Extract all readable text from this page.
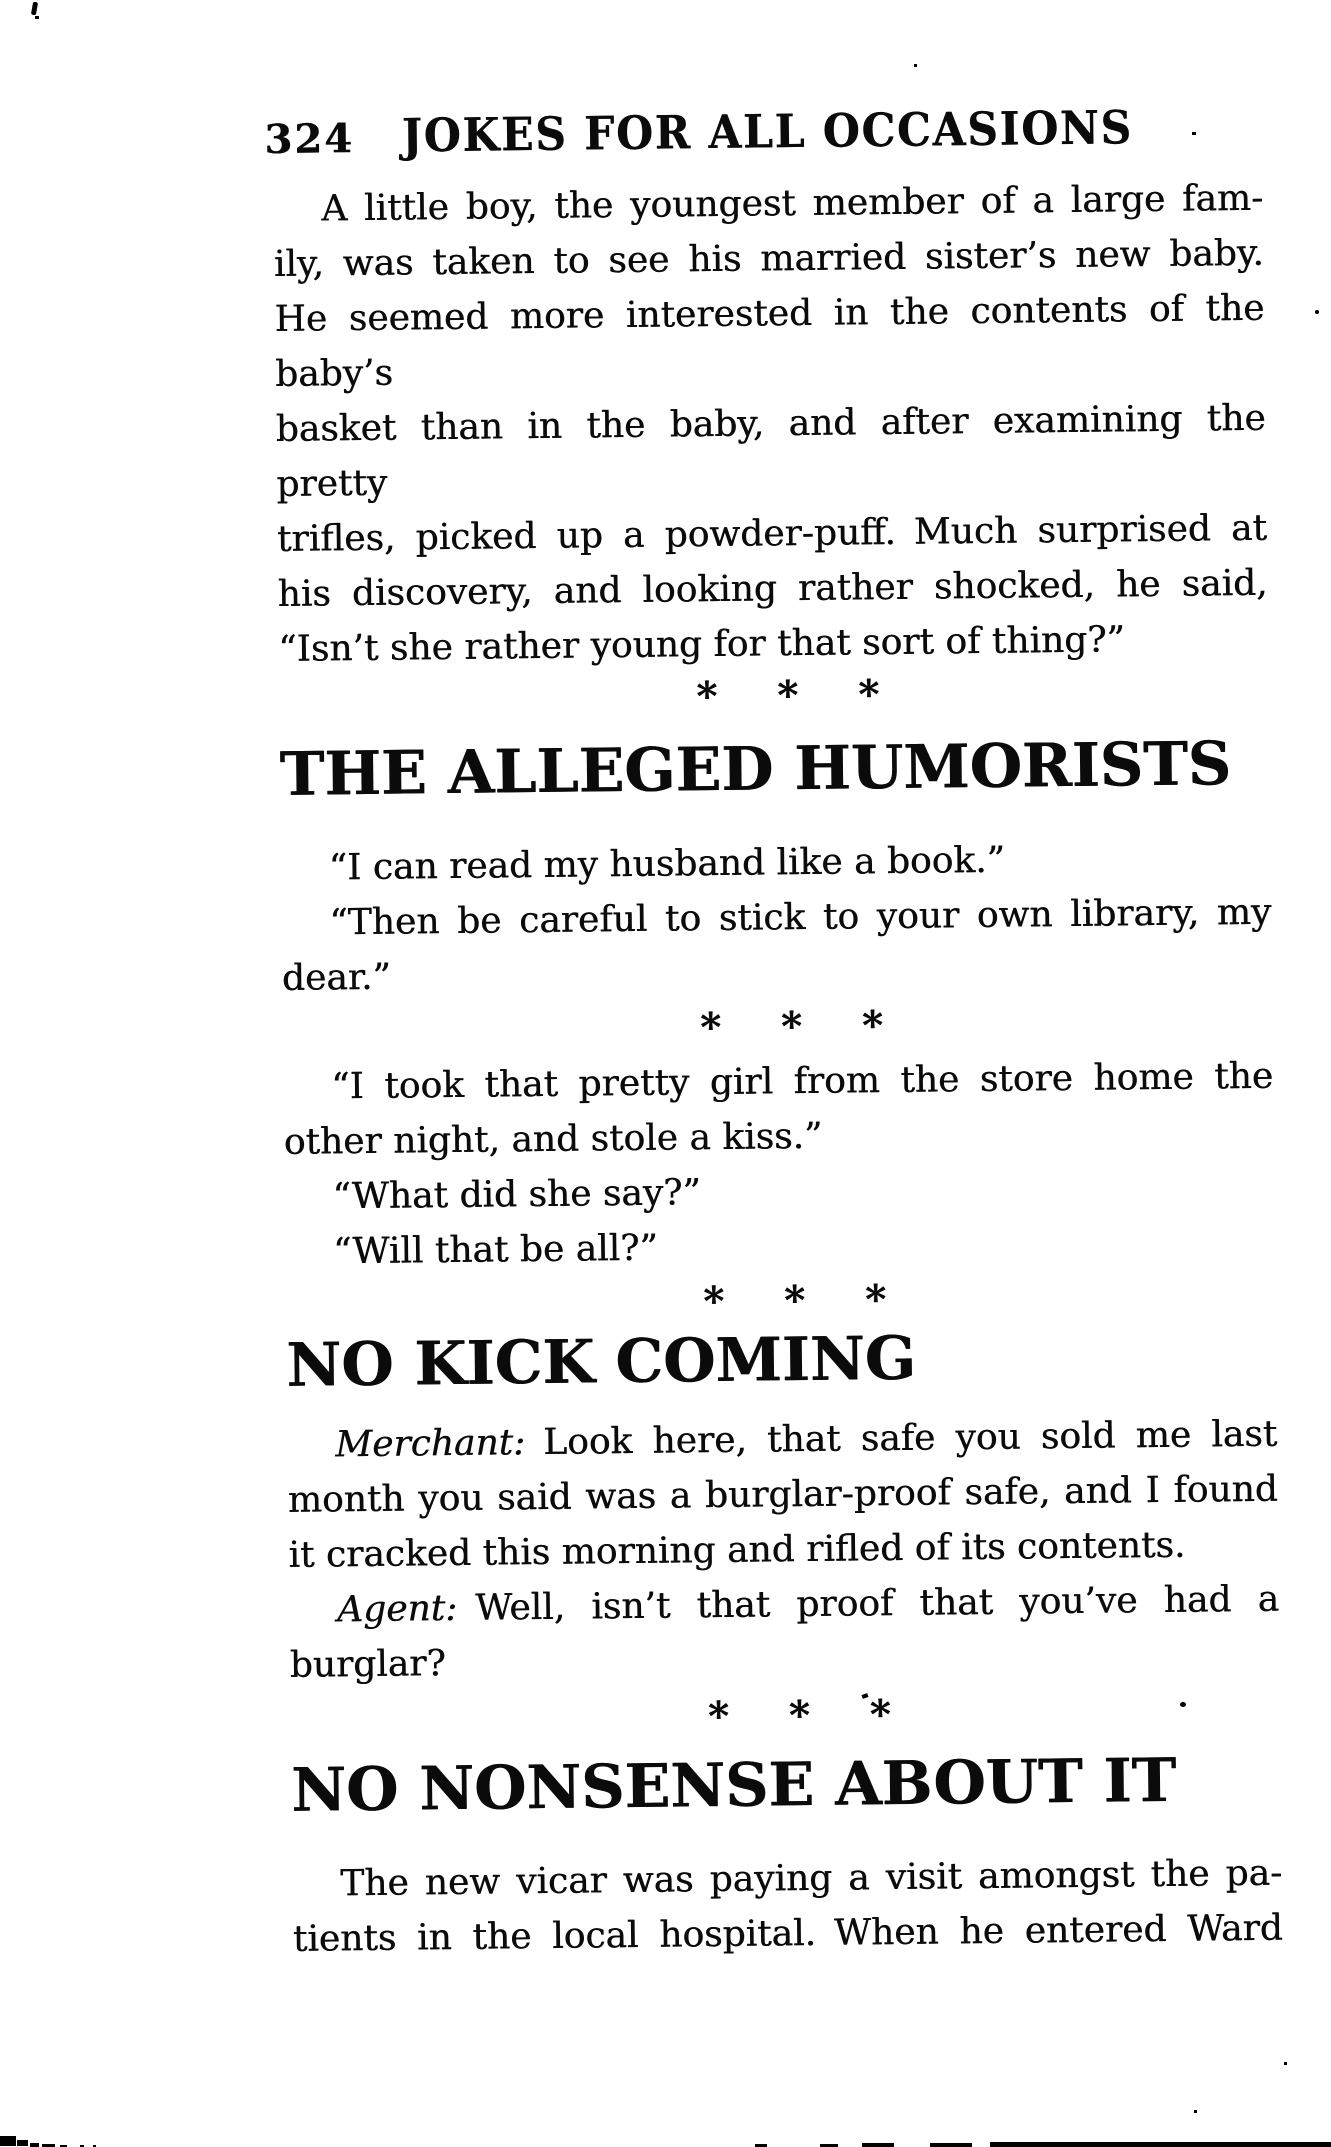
324 JOKES FOR ALL OCCASIONS
A little boy, the youngest member of a large fam-
ily, was taken to see his married sister’s new baby.
He seemed more interested in the contents of the baby’s
basket than in the baby, and after examining the pretty
trifles, picked up a powder-puff. Much surprised at
his discovery, and looking rather shocked, he said,
“Isn’t she rather young for that sort of thing?”
* * *
THE ALLEGED HUMORISTS
“I can read my husband like a book.”
“Then be careful to stick to your own library, my
dear.”
* * *
“I took that pretty girl from the store home the
other night, and stole a kiss.”
“What did she say?”
“Will that be all?”
* * *
NO KICK COMING
Merchant: Look here, that safe you sold me last
month you said was a burglar-proof safe, and I found
it cracked this morning and rifled of its contents.
Agent: Well, isn’t that proof that you’ve had a
burglar?
* * *
NO NONSENSE ABOUT IT
The new vicar was paying a visit amongst the pa-
tients in the local hospital. When he entered Ward
